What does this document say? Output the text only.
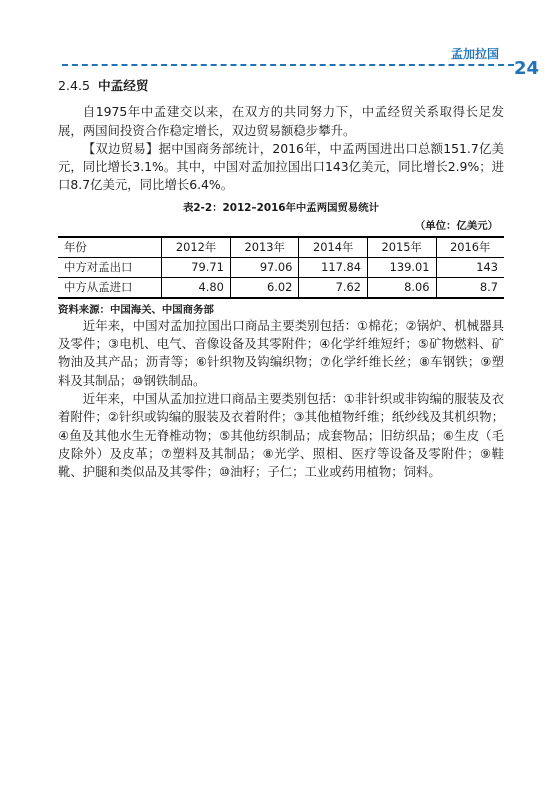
孟加拉国
24
2.4.5 中孟经贸

自1975年中孟建交以来，在双方的共同努力下，中孟经贸关系取得长足发展，两国间投资合作稳定增长，双边贸易额稳步攀升。

【双边贸易】据中国商务部统计，2016年，中孟两国进出口总额151.7亿美元，同比增长3.1%。其中，中国对孟加拉国出口143亿美元，同比增长2.9%；进口8.7亿美元，同比增长6.4%。

表2-2：2012–2016年中孟两国贸易统计
（单位：亿美元）
年份	2012年	2013年	2014年	2015年	2016年
中方对孟出口	79.71	97.06	117.84	139.01	143
中方从孟进口	4.80	6.02	7.62	8.06	8.7
资料来源：中国海关、中国商务部

近年来，中国对孟加拉国出口商品主要类别包括：①棉花；②锅炉、机械器具及零件；③电机、电气、音像设备及其零附件；④化学纤维短纤；⑤矿物燃料、矿物油及其产品；沥青等；⑥针织物及钩编织物；⑦化学纤维长丝；⑧车钢铁；⑨塑料及其制品；⑩钢铁制品。

近年来，中国从孟加拉进口商品主要类别包括：①非针织或非钩编的服装及衣着附件；②针织或钩编的服装及衣着附件；③其他植物纤维；纸纱线及其机织物；④鱼及其他水生无脊椎动物；⑤其他纺织制品；成套物品；旧纺织品；⑥生皮（毛皮除外）及皮革；⑦塑料及其制品；⑧光学、照相、医疗等设备及零附件；⑨鞋靴、护腿和类似品及其零件；⑩油籽；子仁；工业或药用植物；饲料。
